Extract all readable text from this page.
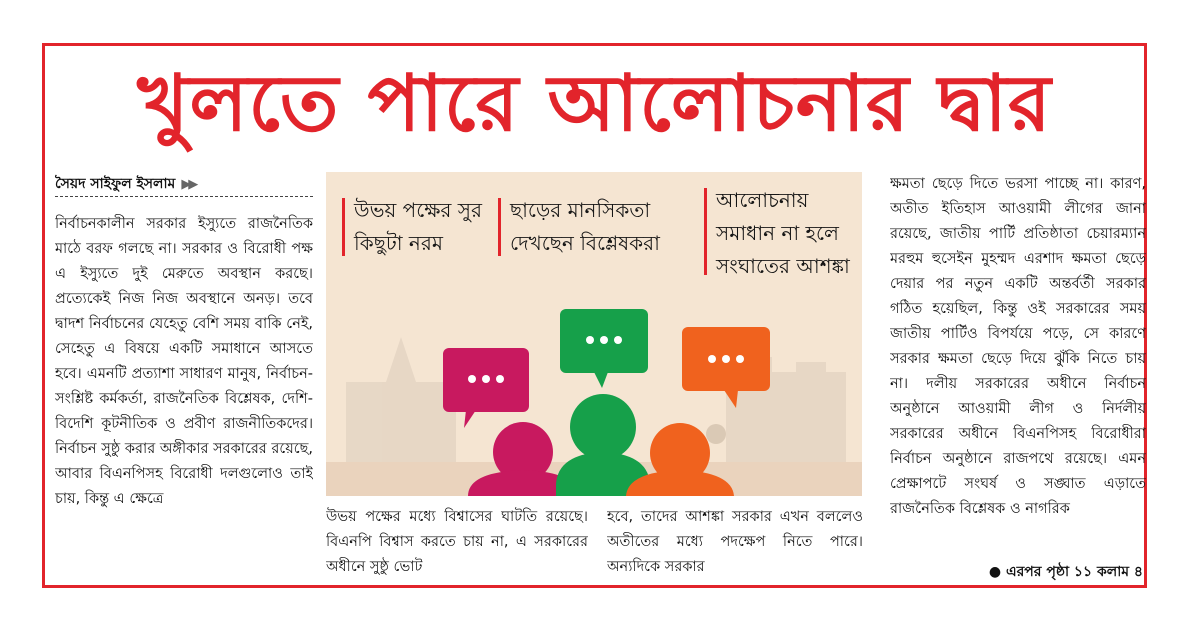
খুলতে পারে আলোচনার দ্বার
সৈয়দ সাইফুল ইসলাম ▶▶
নির্বাচনকালীন সরকার ইস্যুতে রাজনৈতিক মাঠে বরফ গলছে না। সরকার ও বিরোধী পক্ষ এ ইস্যুতে দুই মেরুতে অবস্থান করছে। প্রত্যেকেই নিজ নিজ অবস্থানে অনড়। তবে দ্বাদশ নির্বাচনের যেহেতু বেশি সময় বাকি নেই, সেহেতু এ বিষয়ে একটি সমাধানে আসতে হবে। এমনটি প্রত্যাশা সাধারণ মানুষ, নির্বাচন-সংশ্লিষ্ট কর্মকর্তা, রাজনৈতিক বিশ্লেষক, দেশি-বিদেশি কূটনীতিক ও প্রবীণ রাজনীতিকদের। নির্বাচন সুষ্ঠু করার অঙ্গীকার সরকারের রয়েছে, আবার বিএনপিসহ বিরোধী দলগুলোও তাই চায়, কিন্তু এ ক্ষেত্রে
উভয় পক্ষের সুর কিছুটা নরম
ছাড়ের মানসিকতা দেখছেন বিশ্লেষকরা
আলোচনায় সমাধান না হলে সংঘাতের আশঙ্কা
উভয় পক্ষের মধ্যে বিশ্বাসের ঘাটতি রয়েছে। বিএনপি বিশ্বাস করতে চায় না, এ সরকারের অধীনে সুষ্ঠু ভোট
হবে, তাদের আশঙ্কা সরকার এখন বললেও অতীতের মধ্যে পদক্ষেপ নিতে পারে। অন্যদিকে সরকার
ক্ষমতা ছেড়ে দিতে ভরসা পাচ্ছে না। কারণ, অতীত ইতিহাস আওয়ামী লীগের জানা রয়েছে, জাতীয় পার্টি প্রতিষ্ঠাতা চেয়ারম্যান মরহুম হুসেইন মুহম্মদ এরশাদ ক্ষমতা ছেড়ে দেয়ার পর নতুন একটি অন্তর্বর্তী সরকার গঠিত হয়েছিল, কিন্তু ওই সরকারের সময় জাতীয় পার্টিও বিপর্যয়ে পড়ে, সে কারণে সরকার ক্ষমতা ছেড়ে দিয়ে ঝুঁকি নিতে চায় না। দলীয় সরকারের অধীনে নির্বাচন অনুষ্ঠানে আওয়ামী লীগ ও নির্দলীয় সরকারের অধীনে বিএনপিসহ বিরোধীরা নির্বাচন অনুষ্ঠানে রাজপথে রয়েছে। এমন প্রেক্ষাপটে সংঘর্ষ ও সঙ্ঘাত এড়াতে রাজনৈতিক বিশ্লেষক ও নাগরিক
● এরপর পৃষ্ঠা ১১ কলাম ৪
